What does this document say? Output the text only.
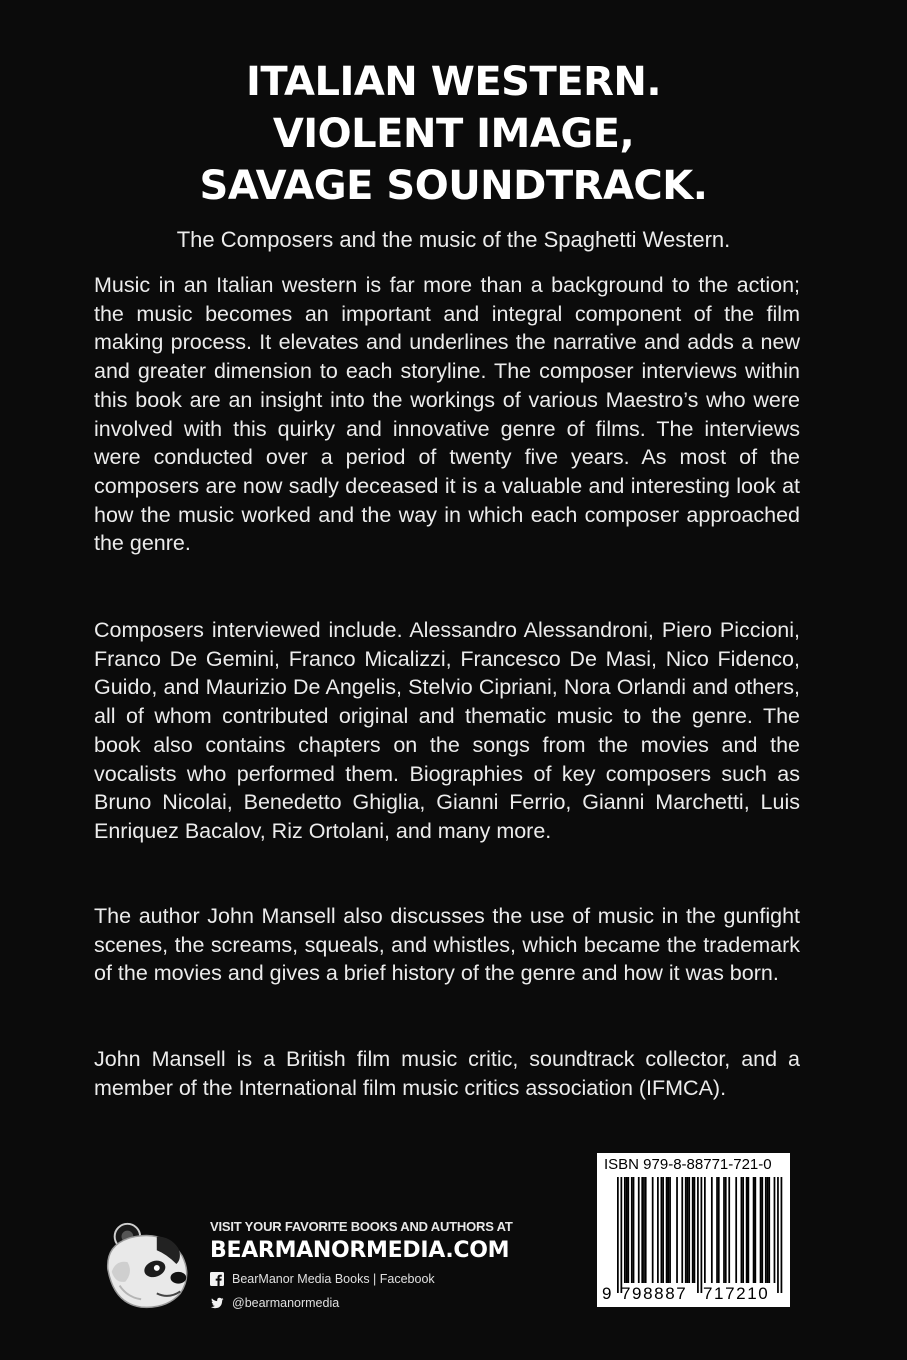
ITALIAN WESTERN.
VIOLENT IMAGE,
SAVAGE SOUNDTRACK.

The Composers and the music of the Spaghetti Western.

Music in an Italian western is far more than a background to the action; the music becomes an important and integral component of the film making process. It elevates and underlines the narrative and adds a new and greater dimension to each storyline. The composer interviews within this book are an insight into the workings of various Maestro’s who were involved with this quirky and innovative genre of films. The interviews were conducted over a period of twenty five years. As most of the composers are now sadly deceased it is a valuable and interesting look at how the music worked and the way in which each composer approached the genre.

Composers interviewed include. Alessandro Alessandroni, Piero Piccioni, Franco De Gemini, Franco Micalizzi, Francesco De Masi, Nico Fidenco, Guido, and Maurizio De Angelis, Stelvio Cipriani, Nora Orlandi and others, all of whom contributed original and thematic music to the genre. The book also contains chapters on the songs from the movies and the vocalists who performed them. Biographies of key composers such as Bruno Nicolai, Benedetto Ghiglia, Gianni Ferrio, Gianni Marchetti, Luis Enriquez Bacalov, Riz Ortolani, and many more.

The author John Mansell also discusses the use of music in the gunfight scenes, the screams, squeals, and whistles, which became the trademark of the movies and gives a brief history of the genre and how it was born.

John Mansell is a British film music critic, soundtrack collector, and a member of the International film music critics association (IFMCA).

VISIT YOUR FAVORITE BOOKS AND AUTHORS AT
BEARMANORMEDIA.COM
BearManor Media Books | Facebook
@bearmanormedia
ISBN 979-8-88771-721-0
9 798887 717210
